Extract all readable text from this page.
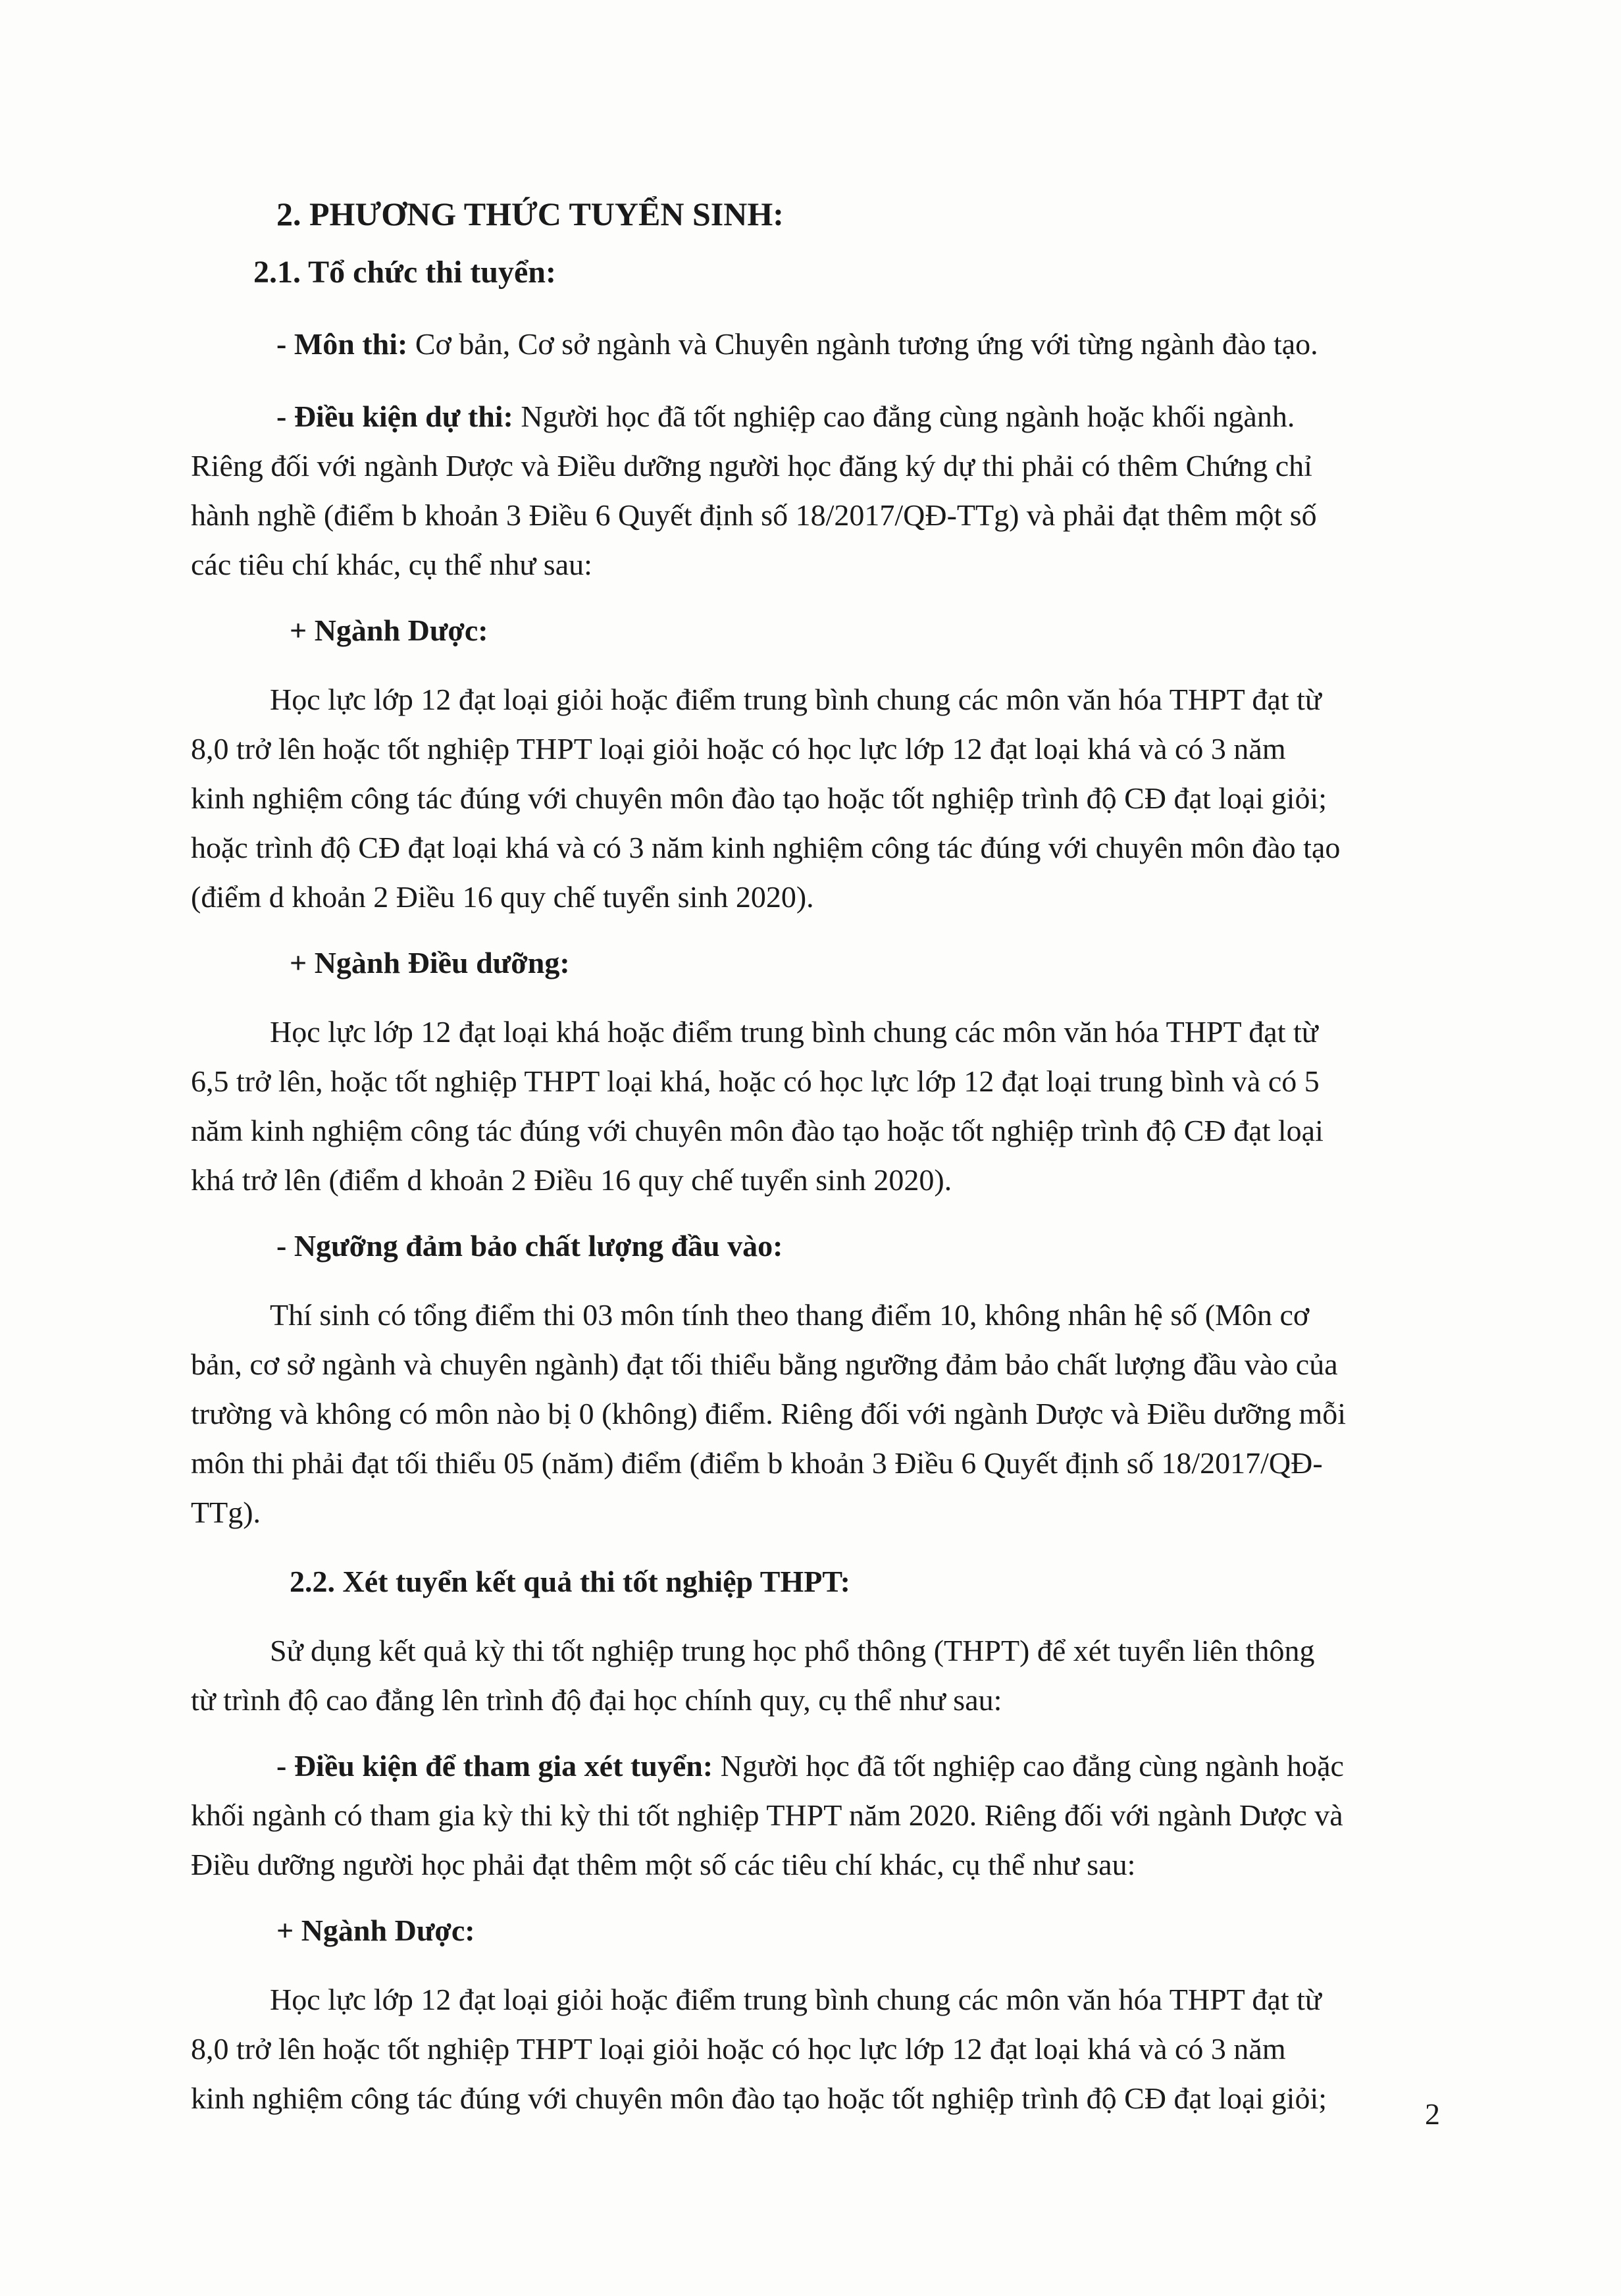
2. PHƯƠNG THỨC TUYỂN SINH:

2.1. Tổ chức thi tuyển:

- Môn thi: Cơ bản, Cơ sở ngành và Chuyên ngành tương ứng với từng ngành đào tạo.

- Điều kiện dự thi: Người học đã tốt nghiệp cao đẳng cùng ngành hoặc khối ngành.

Riêng đối với ngành Dược và Điều dưỡng người học đăng ký dự thi phải có thêm Chứng chỉ

hành nghề (điểm b khoản 3 Điều 6 Quyết định số 18/2017/QĐ-TTg) và phải đạt thêm một số

các tiêu chí khác, cụ thể như sau:

+ Ngành Dược:

Học lực lớp 12 đạt loại giỏi hoặc điểm trung bình chung các môn văn hóa THPT đạt từ

8,0 trở lên hoặc tốt nghiệp THPT loại giỏi hoặc có học lực lớp 12 đạt loại khá và có 3 năm

kinh nghiệm công tác đúng với chuyên môn đào tạo hoặc tốt nghiệp trình độ CĐ đạt loại giỏi;

hoặc trình độ CĐ đạt loại khá và có 3 năm kinh nghiệm công tác đúng với chuyên môn đào tạo

(điểm d khoản 2 Điều 16 quy chế tuyển sinh 2020).

+ Ngành Điều dưỡng:

Học lực lớp 12 đạt loại khá hoặc điểm trung bình chung các môn văn hóa THPT đạt từ

6,5 trở lên, hoặc tốt nghiệp THPT loại khá, hoặc có học lực lớp 12 đạt loại trung bình và có 5

năm kinh nghiệm công tác đúng với chuyên môn đào tạo hoặc tốt nghiệp trình độ CĐ đạt loại

khá trở lên (điểm d khoản 2 Điều 16 quy chế tuyển sinh 2020).

- Ngưỡng đảm bảo chất lượng đầu vào:

Thí sinh có tổng điểm thi 03 môn tính theo thang điểm 10, không nhân hệ số (Môn cơ

bản, cơ sở ngành và chuyên ngành) đạt tối thiểu bằng ngưỡng đảm bảo chất lượng đầu vào của

trường và không có môn nào bị 0 (không) điểm. Riêng đối với ngành Dược và Điều dưỡng mỗi

môn thi phải đạt tối thiểu 05 (năm) điểm (điểm b khoản 3 Điều 6 Quyết định số 18/2017/QĐ-

TTg).

2.2. Xét tuyển kết quả thi tốt nghiệp THPT:

Sử dụng kết quả kỳ thi tốt nghiệp trung học phổ thông (THPT) để xét tuyển liên thông

từ trình độ cao đẳng lên trình độ đại học chính quy, cụ thể như sau:

- Điều kiện để tham gia xét tuyển: Người học đã tốt nghiệp cao đẳng cùng ngành hoặc

khối ngành có tham gia kỳ thi kỳ thi tốt nghiệp THPT năm 2020. Riêng đối với ngành Dược và

Điều dưỡng người học phải đạt thêm một số các tiêu chí khác, cụ thể như sau:

+ Ngành Dược:

Học lực lớp 12 đạt loại giỏi hoặc điểm trung bình chung các môn văn hóa THPT đạt từ

8,0 trở lên hoặc tốt nghiệp THPT loại giỏi hoặc có học lực lớp 12 đạt loại khá và có 3 năm

kinh nghiệm công tác đúng với chuyên môn đào tạo hoặc tốt nghiệp trình độ CĐ đạt loại giỏi;	2
